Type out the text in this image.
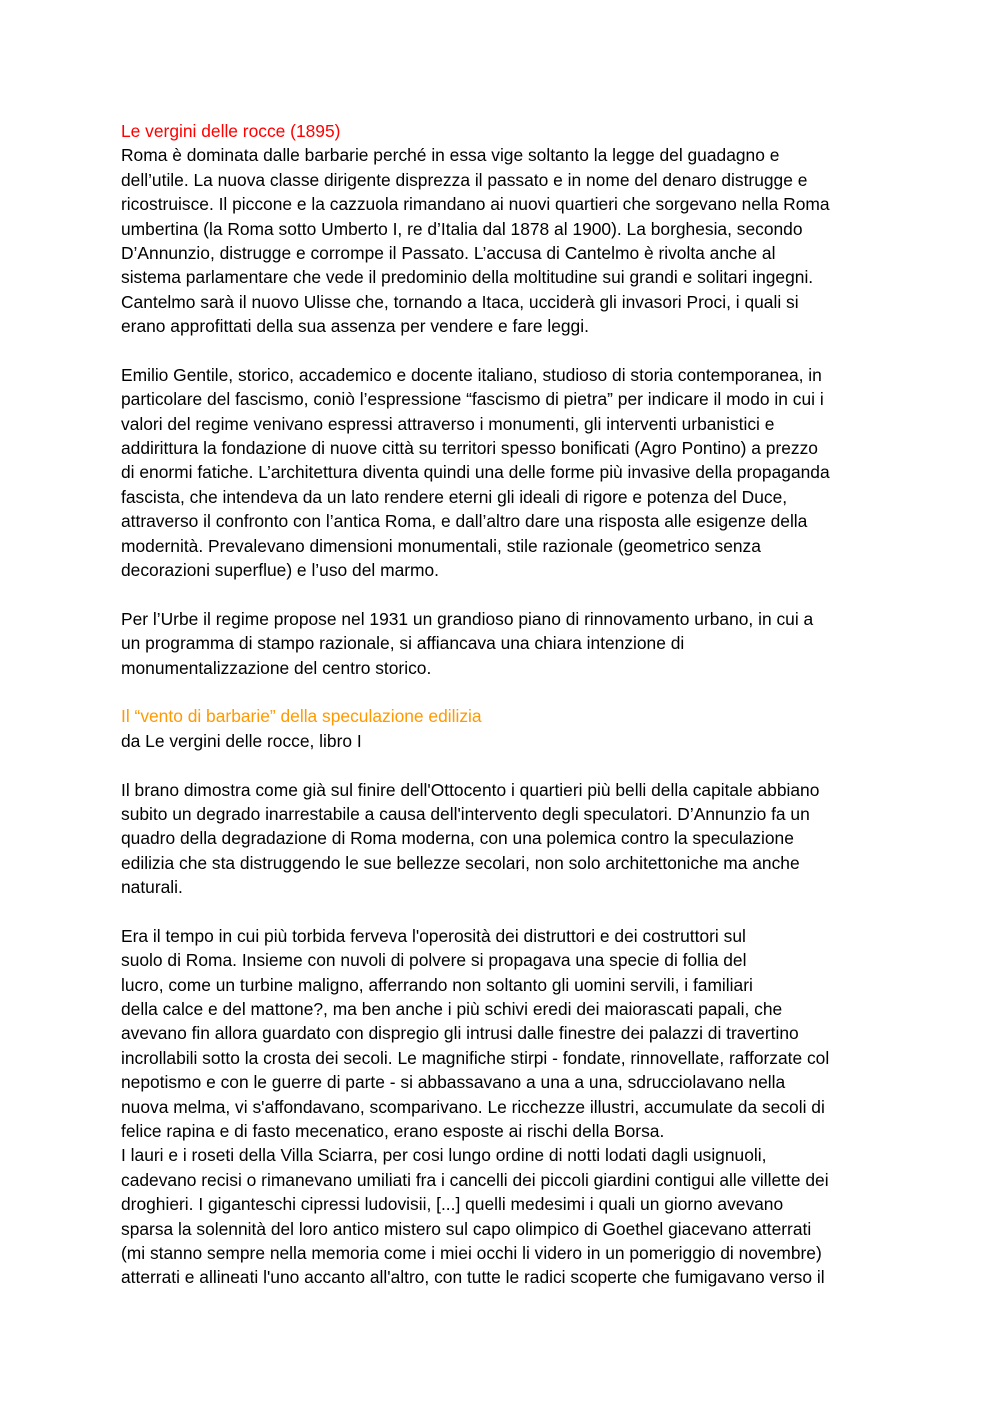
Le vergini delle rocce (1895)
Roma è dominata dalle barbarie perché in essa vige soltanto la legge del guadagno e
dell’utile. La nuova classe dirigente disprezza il passato e in nome del denaro distrugge e
ricostruisce. Il piccone e la cazzuola rimandano ai nuovi quartieri che sorgevano nella Roma
umbertina (la Roma sotto Umberto I, re d’Italia dal 1878 al 1900). La borghesia, secondo
D’Annunzio, distrugge e corrompe il Passato. L’accusa di Cantelmo è rivolta anche al
sistema parlamentare che vede il predominio della moltitudine sui grandi e solitari ingegni.
Cantelmo sarà il nuovo Ulisse che, tornando a Itaca, ucciderà gli invasori Proci, i quali si
erano approfittati della sua assenza per vendere e fare leggi.
Emilio Gentile, storico, accademico e docente italiano, studioso di storia contemporanea, in
particolare del fascismo, coniò l’espressione “fascismo di pietra” per indicare il modo in cui i
valori del regime venivano espressi attraverso i monumenti, gli interventi urbanistici e
addirittura la fondazione di nuove città su territori spesso bonificati (Agro Pontino) a prezzo
di enormi fatiche. L’architettura diventa quindi una delle forme più invasive della propaganda
fascista, che intendeva da un lato rendere eterni gli ideali di rigore e potenza del Duce,
attraverso il confronto con l’antica Roma, e dall’altro dare una risposta alle esigenze della
modernità. Prevalevano dimensioni monumentali, stile razionale (geometrico senza
decorazioni superflue) e l’uso del marmo.
Per l’Urbe il regime propose nel 1931 un grandioso piano di rinnovamento urbano, in cui a
un programma di stampo razionale, si affiancava una chiara intenzione di
monumentalizzazione del centro storico.
Il “vento di barbarie” della speculazione edilizia
da Le vergini delle rocce, libro I
Il brano dimostra come già sul finire dell'Ottocento i quartieri più belli della capitale abbiano
subito un degrado inarrestabile a causa dell'intervento degli speculatori. D’Annunzio fa un
quadro della degradazione di Roma moderna, con una polemica contro la speculazione
edilizia che sta distruggendo le sue bellezze secolari, non solo architettoniche ma anche
naturali.
Era il tempo in cui più torbida ferveva l'operosità dei distruttori e dei costruttori sul
suolo di Roma. Insieme con nuvoli di polvere si propagava una specie di follia del
lucro, come un turbine maligno, afferrando non soltanto gli uomini servili, i familiari
della calce e del mattone?, ma ben anche i più schivi eredi dei maiorascati papali, che
avevano fin allora guardato con dispregio gli intrusi dalle finestre dei palazzi di travertino
incrollabili sotto la crosta dei secoli. Le magnifiche stirpi - fondate, rinnovellate, rafforzate col
nepotismo e con le guerre di parte - si abbassavano a una a una, sdrucciolavano nella
nuova melma, vi s'affondavano, scomparivano. Le ricchezze illustri, accumulate da secoli di
felice rapina e di fasto mecenatico, erano esposte ai rischi della Borsa.
I lauri e i roseti della Villa Sciarra, per cosi lungo ordine di notti lodati dagli usignuoli,
cadevano recisi o rimanevano umiliati fra i cancelli dei piccoli giardini contigui alle villette dei
droghieri. I giganteschi cipressi ludovisii, [...] quelli medesimi i quali un giorno avevano
sparsa la solennità del loro antico mistero sul capo olimpico di Goethel giacevano atterrati
(mi stanno sempre nella memoria come i miei occhi li videro in un pomeriggio di novembre)
atterrati e allineati l'uno accanto all'altro, con tutte le radici scoperte che fumigavano verso il
